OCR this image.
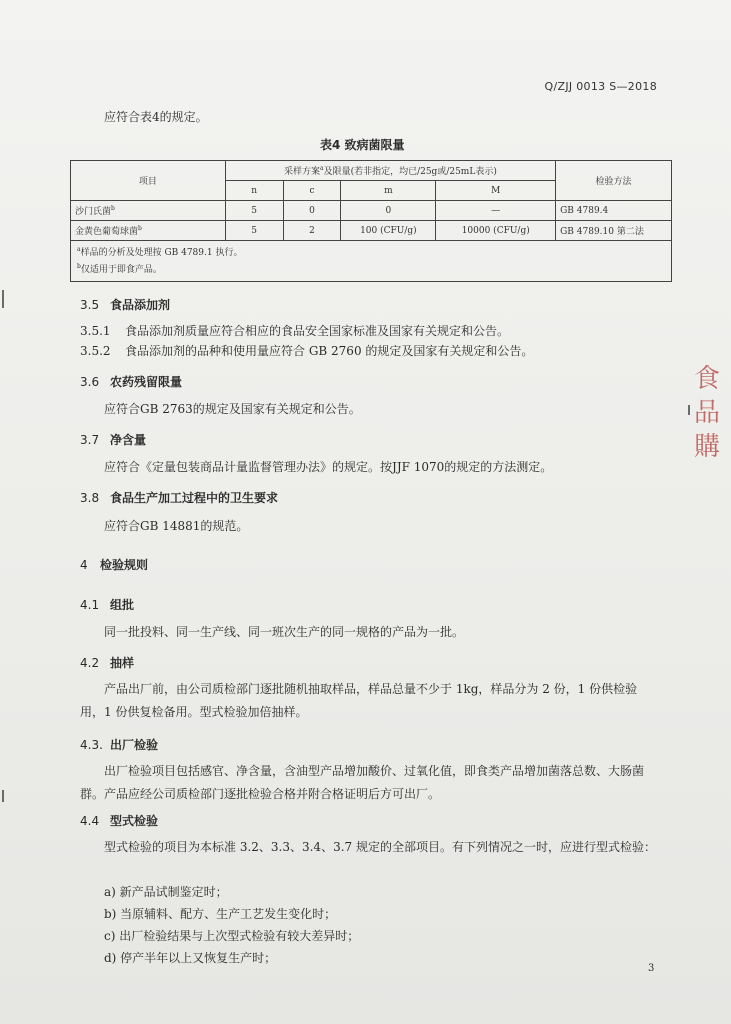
Q/ZJJ 0013 S—2018
应符合表4的规定。
表4 致病菌限量
项目	采样方案$^a$及限量(若非指定，均已/25g或/25mL表示)				检验方法
	n	c	m	M	
沙门氏菌$^b$	5	0	0	—	GB 4789.4
金黄色葡萄球菌$^b$	5	2	100 (CFU/g)	10000 (CFU/g)	GB 4789.10 第二法

$^a$样品的分析及处理按 GB 4789.1 执行。
$^b$仅适用于即食产品。					
3.5 食品添加剂
3.5.1 食品添加剂质量应符合相应的食品安全国家标准及国家有关规定和公告。
3.5.2 食品添加剂的品种和使用量应符合 GB 2760 的规定及国家有关规定和公告。
3.6 农药残留限量
应符合GB 2763的规定及国家有关规定和公告。
3.7 净含量
应符合《定量包装商品计量监督管理办法》的规定。按JJF 1070的规定的方法测定。
3.8 食品生产加工过程中的卫生要求
应符合GB 14881的规范。
4 检验规则
4.1 组批
同一批投料、同一生产线、同一班次生产的同一规格的产品为一批。
4.2 抽样
产品出厂前，由公司质检部门逐批随机抽取样品，样品总量不少于 1kg，样品分为 2 份，1 份供检验用，1 份供复检备用。型式检验加倍抽样。
4.3. 出厂检验
出厂检验项目包括感官、净含量，含油型产品增加酸价、过氧化值，即食类产品增加菌落总数、大肠菌群。产品应经公司质检部门逐批检验合格并附合格证明后方可出厂。
4.4 型式检验
型式检验的项目为本标准 3.2、3.3、3.4、3.7 规定的全部项目。有下列情况之一时，应进行型式检验：
a) 新产品试制鉴定时；
b) 当原辅料、配方、生产工艺发生变化时；
c) 出厂检验结果与上次型式检验有较大差异时；
d) 停产半年以上又恢复生产时；
3
食品 購
